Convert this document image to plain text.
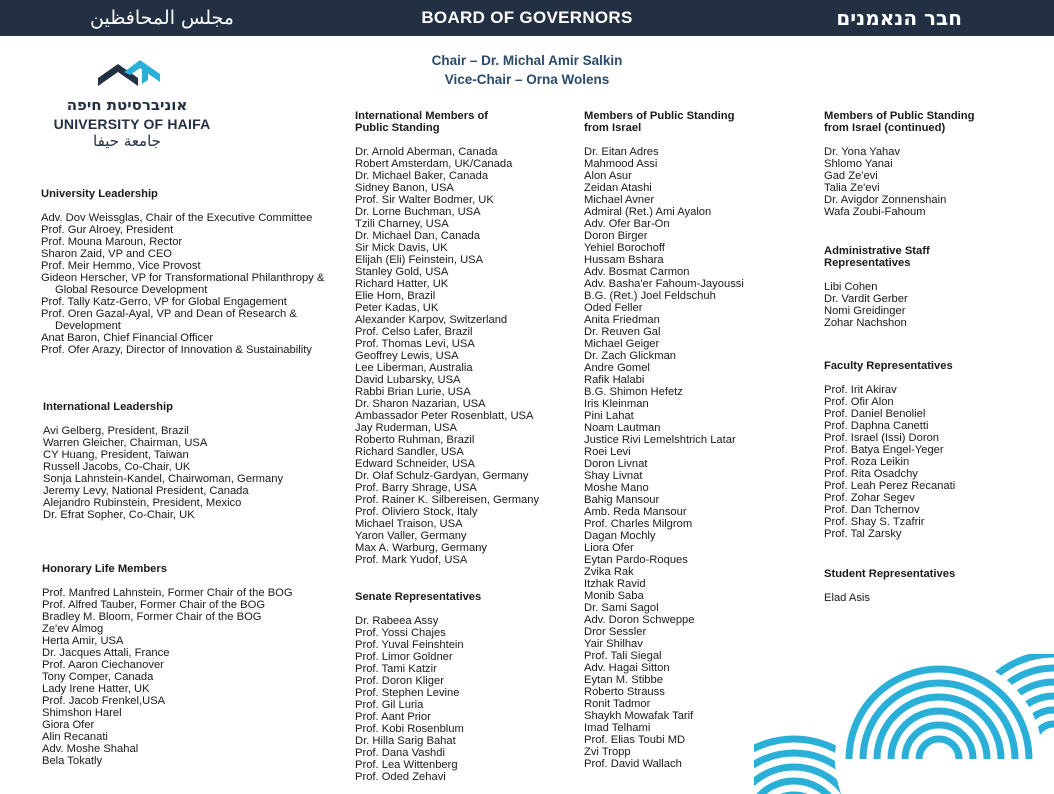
مجلس المحافظين	BOARD OF GOVERNORS	חבר הנאמנים
Chair – Dr. Michal Amir Salkin
Vice-Chair – Orna Wolens
אוניברסיטת חיפה
UNIVERSITY OF HAIFA
جامعة حيفا
University Leadership
Adv. Dov Weissglas, Chair of the Executive Committee
Prof. Gur Alroey, President
Prof. Mouna Maroun, Rector
Sharon Zaid, VP and CEO
Prof. Meir Hemmo, Vice Provost
Gideon Herscher, VP for Transformational Philanthropy & Global Resource Development
Prof. Tally Katz-Gerro, VP for Global Engagement
Prof. Oren Gazal-Ayal, VP and Dean of Research & Development
Anat Baron, Chief Financial Officer
Prof. Ofer Arazy, Director of Innovation & Sustainability
International Leadership
Avi Gelberg, President, Brazil
Warren Gleicher, Chairman, USA
CY Huang, President, Taiwan
Russell Jacobs, Co-Chair, UK
Sonja Lahnstein-Kandel, Chairwoman, Germany
Jeremy Levy, National President, Canada
Alejandro Rubinstein, President, Mexico
Dr. Efrat Sopher, Co-Chair, UK
Honorary Life Members
Prof. Manfred Lahnstein, Former Chair of the BOG
Prof. Alfred Tauber, Former Chair of the BOG
Bradley M. Bloom, Former Chair of the BOG
Ze'ev Almog
Herta Amir, USA
Dr. Jacques Attali, France
Prof. Aaron Ciechanover
Tony Comper, Canada
Lady Irene Hatter, UK
Prof. Jacob Frenkel,USA
Shimshon Harel
Giora Ofer
Alin Recanati
Adv. Moshe Shahal
Bela Tokatly
International Members of
Public Standing
Dr. Arnold Aberman, Canada
Robert Amsterdam, UK/Canada
Dr. Michael Baker, Canada
Sidney Banon, USA
Prof. Sir Walter Bodmer, UK
Dr. Lorne Buchman, USA
Tzili Charney, USA
Dr. Michael Dan, Canada
Sir Mick Davis, UK
Elijah (Eli) Feinstein, USA
Stanley Gold, USA
Richard Hatter, UK
Elie Horn, Brazil
Peter Kadas, UK
Alexander Karpov, Switzerland
Prof. Celso Lafer, Brazil
Prof. Thomas Levi, USA
Geoffrey Lewis, USA
Lee Liberman, Australia
David Lubarsky, USA
Rabbi Brian Lurie, USA
Dr. Sharon Nazarian, USA
Ambassador Peter Rosenblatt, USA
Jay Ruderman, USA
Roberto Ruhman, Brazil
Richard Sandler, USA
Edward Schneider, USA
Dr. Olaf Schulz-Gardyan, Germany
Prof. Barry Shrage, USA
Prof. Rainer K. Silbereisen, Germany
Prof. Oliviero Stock, Italy
Michael Traison, USA
Yaron Valler, Germany
Max A. Warburg, Germany
Prof. Mark Yudof, USA
Senate Representatives
Dr. Rabeea Assy
Prof. Yossi Chajes
Prof. Yuval Feinshtein
Prof. Limor Goldner
Prof. Tami Katzir
Prof. Doron Kliger
Prof. Stephen Levine
Prof. Gil Luria
Prof. Aant Prior
Prof. Kobi Rosenblum
Dr. Hilla Sarig Bahat
Prof. Dana Vashdi
Prof. Lea Wittenberg
Prof. Oded Zehavi
Members of Public Standing
from Israel
Dr. Eitan Adres
Mahmood Assi
Alon Asur
Zeidan Atashi
Michael Avner
Admiral (Ret.) Ami Ayalon
Adv. Ofer Bar-On
Doron Birger
Yehiel Borochoff
Hussam Bshara
Adv. Bosmat Carmon
Adv. Basha'er Fahoum-Jayoussi
B.G. (Ret.) Joel Feldschuh
Oded Feller
Anita Friedman
Dr. Reuven Gal
Michael Geiger
Dr. Zach Glickman
Andre Gomel
Rafik Halabi
B.G. Shimon Hefetz
Iris Kleinman
Pini Lahat
Noam Lautman
Justice Rivi Lemelshtrich Latar
Roei Levi
Doron Livnat
Shay Livnat
Moshe Mano
Bahig Mansour
Amb. Reda Mansour
Prof. Charles Milgrom
Dagan Mochly
Liora Ofer
Eytan Pardo-Roques
Zvika Rak
Itzhak Ravid
Monib Saba
Dr. Sami Sagol
Adv. Doron Schweppe
Dror Sessler
Yair Shilhav
Prof. Tali Siegal
Adv. Hagai Sitton
Eytan M. Stibbe
Roberto Strauss
Ronit Tadmor
Shaykh Mowafak Tarif
Imad Telhami
Prof. Elias Toubi MD
Zvi Tropp
Prof. David Wallach
Members of Public Standing
from Israel (continued)
Dr. Yona Yahav
Shlomo Yanai
Gad Ze'evi
Talia Ze'evi
Dr. Avigdor Zonnenshain
Wafa Zoubi-Fahoum
Administrative Staff
Representatives
Libi Cohen
Dr. Vardit Gerber
Nomi Greidinger
Zohar Nachshon
Faculty Representatives
Prof. Irit Akirav
Prof. Ofir Alon
Prof. Daniel Benoliel
Prof. Daphna Canetti
Prof. Israel (Issi) Doron
Prof. Batya Engel-Yeger
Prof. Roza Leikin
Prof. Rita Osadchy
Prof. Leah Perez Recanati
Prof. Zohar Segev
Prof. Dan Tchernov
Prof. Shay S. Tzafrir
Prof. Tal Zarsky
Student Representatives
Elad Asis
